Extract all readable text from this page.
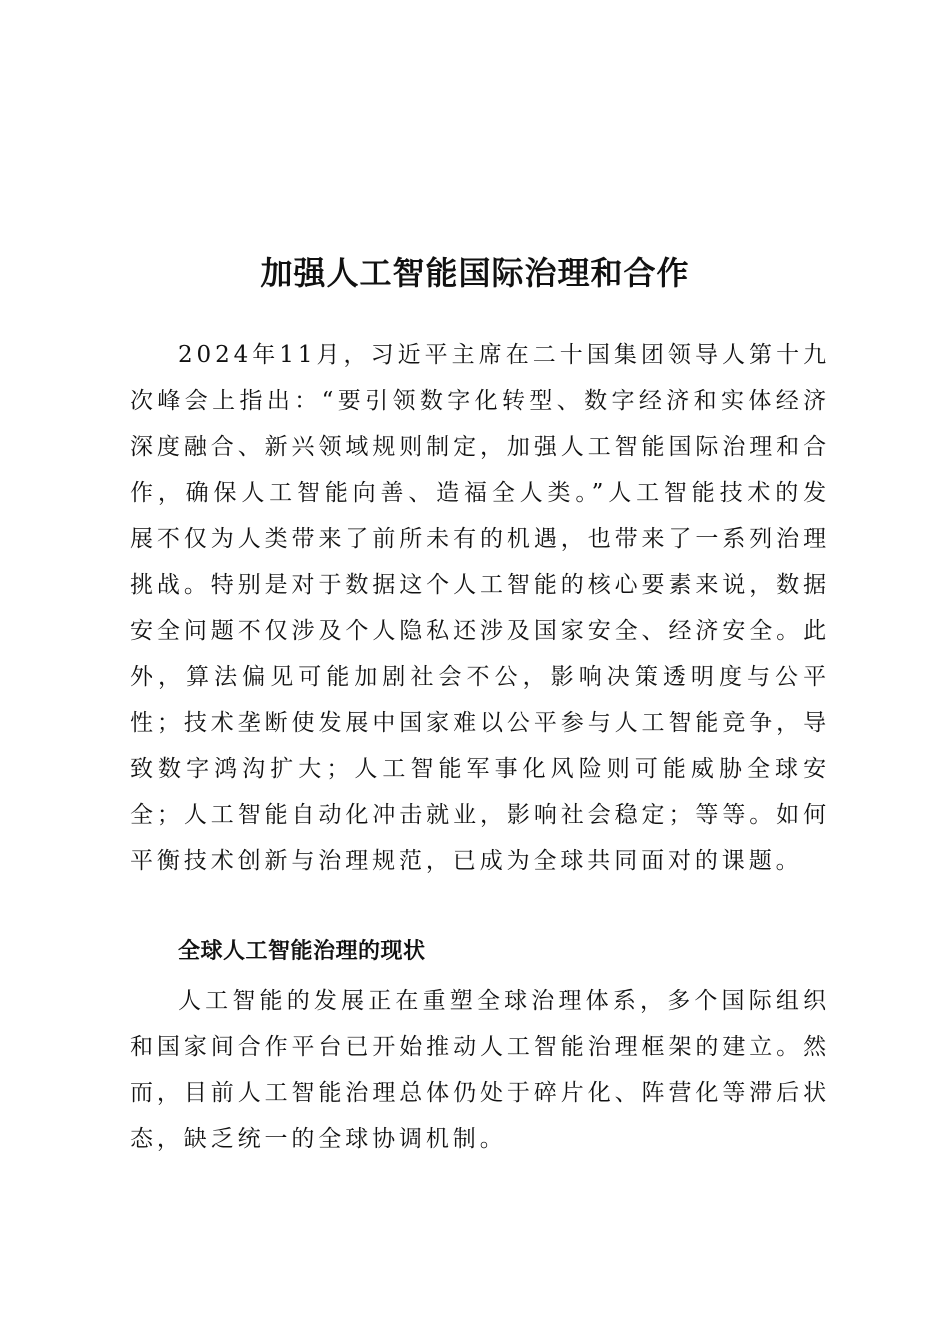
加强人工智能国际治理和合作

2024年11月，习近平主席在二十国集团领导人第十九次峰会上指出：“要引领数字化转型、数字经济和实体经济深度融合、新兴领域规则制定，加强人工智能国际治理和合作，确保人工智能向善、造福全人类。”人工智能技术的发展不仅为人类带来了前所未有的机遇，也带来了一系列治理挑战。特别是对于数据这个人工智能的核心要素来说，数据安全问题不仅涉及个人隐私还涉及国家安全、经济安全。此外，算法偏见可能加剧社会不公，影响决策透明度与公平性；技术垄断使发展中国家难以公平参与人工智能竞争，导致数字鸿沟扩大；人工智能军事化风险则可能威胁全球安全；人工智能自动化冲击就业，影响社会稳定；等等。如何平衡技术创新与治理规范，已成为全球共同面对的课题。

全球人工智能治理的现状

人工智能的发展正在重塑全球治理体系，多个国际组织和国家间合作平台已开始推动人工智能治理框架的建立。然而，目前人工智能治理总体仍处于碎片化、阵营化等滞后状态，缺乏统一的全球协调机制。
